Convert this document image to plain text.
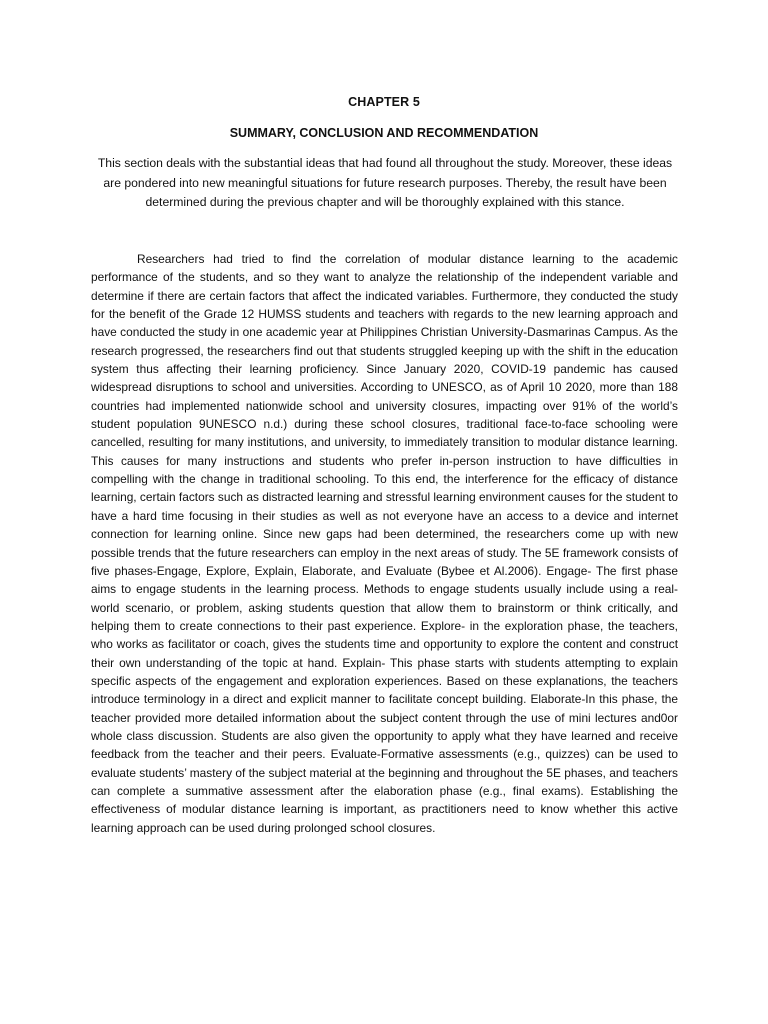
CHAPTER 5
SUMMARY, CONCLUSION AND RECOMMENDATION

This section deals with the substantial ideas that had found all throughout the study. Moreover, these ideas are pondered into new meaningful situations for future research purposes. Thereby, the result have been determined during the previous chapter and will be thoroughly explained with this stance.

Researchers had tried to find the correlation of modular distance learning to the academic performance of the students, and so they want to analyze the relationship of the independent variable and determine if there are certain factors that affect the indicated variables. Furthermore, they conducted the study for the benefit of the Grade 12 HUMSS students and teachers with regards to the new learning approach and have conducted the study in one academic year at Philippines Christian University-Dasmarinas Campus. As the research progressed, the researchers find out that students struggled keeping up with the shift in the education system thus affecting their learning proficiency. Since January 2020, COVID-19 pandemic has caused widespread disruptions to school and universities. According to UNESCO, as of April 10 2020, more than 188 countries had implemented nationwide school and university closures, impacting over 91% of the world’s student population 9UNESCO n.d.) during these school closures, traditional face-to-face schooling were cancelled, resulting for many institutions, and university, to immediately transition to modular distance learning. This causes for many instructions and students who prefer in-person instruction to have difficulties in compelling with the change in traditional schooling. To this end, the interference for the efficacy of distance learning, certain factors such as distracted learning and stressful learning environment causes for the student to have a hard time focusing in their studies as well as not everyone have an access to a device and internet connection for learning online. Since new gaps had been determined, the researchers come up with new possible trends that the future researchers can employ in the next areas of study. The 5E framework consists of five phases-Engage, Explore, Explain, Elaborate, and Evaluate (Bybee et Al.2006). Engage- The first phase aims to engage students in the learning process. Methods to engage students usually include using a real-world scenario, or problem, asking students question that allow them to brainstorm or think critically, and helping them to create connections to their past experience. Explore- in the exploration phase, the teachers, who works as facilitator or coach, gives the students time and opportunity to explore the content and construct their own understanding of the topic at hand. Explain- This phase starts with students attempting to explain specific aspects of the engagement and exploration experiences. Based on these explanations, the teachers introduce terminology in a direct and explicit manner to facilitate concept building. Elaborate-In this phase, the teacher provided more detailed information about the subject content through the use of mini lectures and0or whole class discussion. Students are also given the opportunity to apply what they have learned and receive feedback from the teacher and their peers. Evaluate-Formative assessments (e.g., quizzes) can be used to evaluate students’ mastery of the subject material at the beginning and throughout the 5E phases, and teachers can complete a summative assessment after the elaboration phase (e.g., final exams). Establishing the effectiveness of modular distance learning is important, as practitioners need to know whether this active learning approach can be used during prolonged school closures.
